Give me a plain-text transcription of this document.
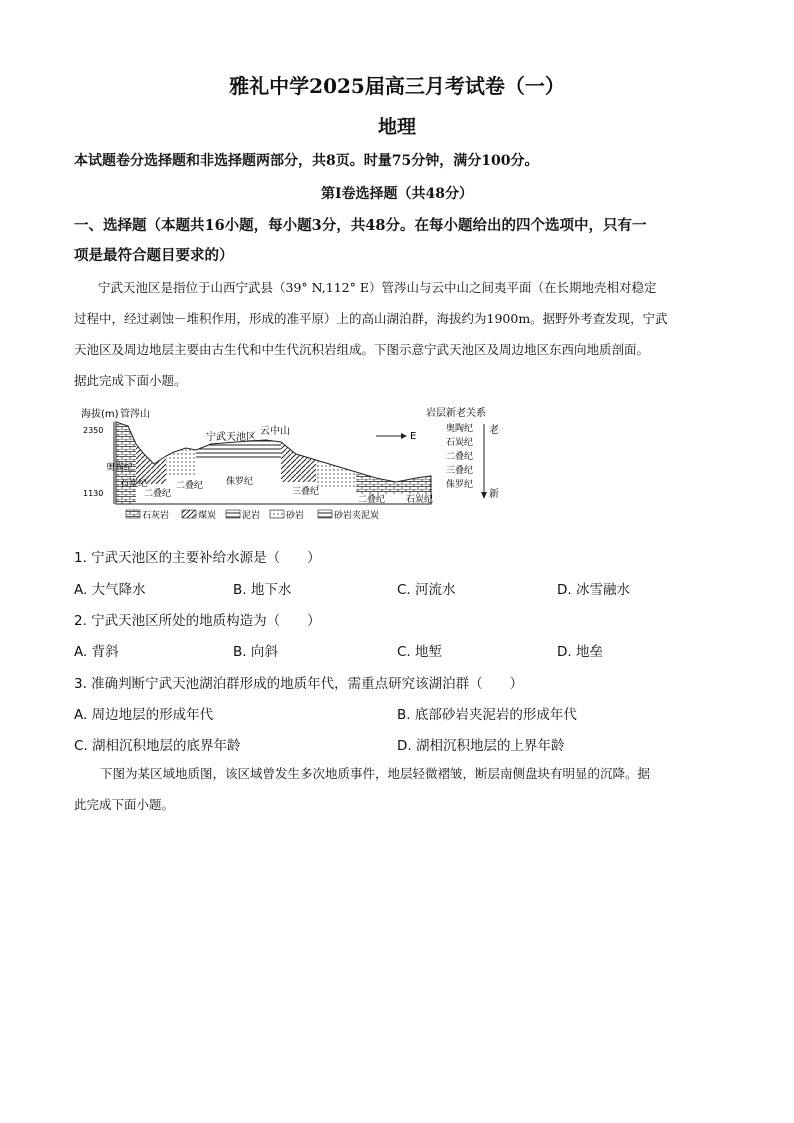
雅礼中学2025届高三月考试卷（一）
地理
本试题卷分选择题和非选择题两部分，共8页。时量75分钟，满分100分。
第Ⅰ卷选择题（共48分）
一、选择题（本题共16小题，每小题3分，共48分。在每小题给出的四个选项中，只有一
项是最符合题目要求的）
宁武天池区是指位于山西宁武县（39° N,112° E）管涔山与云中山之间夷平面（在长期地壳相对稳定
过程中，经过剥蚀－堆积作用，形成的准平原）上的高山湖泊群，海拔约为1900m。据野外考查发现，宁武
天池区及周边地层主要由古生代和中生代沉积岩组成。下图示意宁武天池区及周边地区东西向地质剖面。
据此完成下面小题。
海拔(m) 管涔山
2350
1130
宁武天池区
云中山
奥陶纪
石炭纪
二叠纪
二叠纪	侏罗纪
三叠纪
二叠纪 石炭纪
E
岩层新老关系
奥陶纪
石炭纪
二叠纪
三叠纪
侏罗纪
老
新
石灰岩	煤炭	泥岩	砂岩	砂岩夹泥炭
1. 宁武天池区的主要补给水源是（　　）
A. 大气降水	B. 地下水	C. 河流水	D. 冰雪融水
2. 宁武天池区所处的地质构造为（　　）
A. 背斜	B. 向斜	C. 地堑	D. 地垒
3. 准确判断宁武天池湖泊群形成的地质年代，需重点研究该湖泊群（　　）
A. 周边地层的形成年代	B. 底部砂岩夹泥岩的形成年代
C. 湖相沉积地层的底界年龄	D. 湖相沉积地层的上界年龄
下图为某区域地质图，该区域曾发生多次地质事件，地层轻微褶皱，断层南侧盘块有明显的沉降。据
此完成下面小题。
